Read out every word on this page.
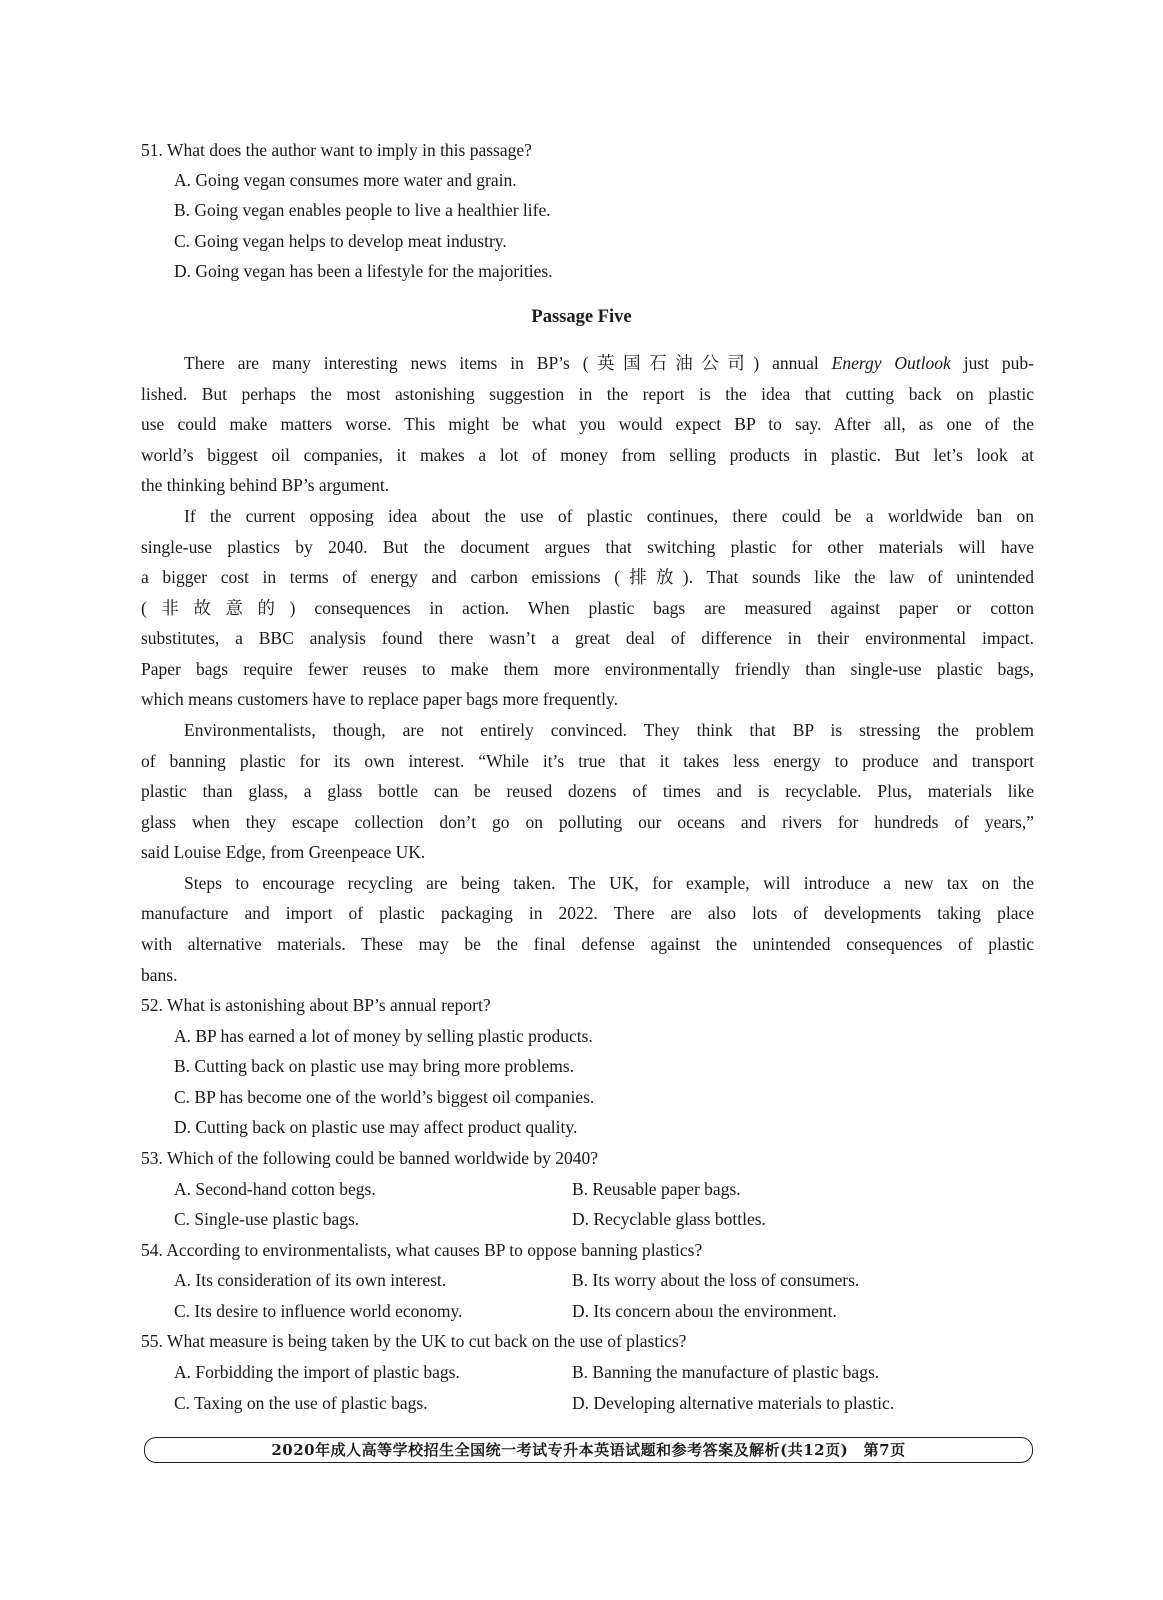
51. What does the author want to imply in this passage?
A. Going vegan consumes more water and grain.
B. Going vegan enables people to live a healthier life.
C. Going vegan helps to develop meat industry.
D. Going vegan has been a lifestyle for the majorities.
Passage Five
There are many interesting news items in BP’s (英国石油公司) annual Energy Outlook just pub-
lished. But perhaps the most astonishing suggestion in the report is the idea that cutting back on plastic
use could make matters worse. This might be what you would expect BP to say. After all, as one of the
world’s biggest oil companies, it makes a lot of money from selling products in plastic. But let’s look at
the thinking behind BP’s argument.
If the current opposing idea about the use of plastic continues, there could be a worldwide ban on
single-use plastics by 2040. But the document argues that switching plastic for other materials will have
a bigger cost in terms of energy and carbon emissions (排放). That sounds like the law of unintended
(非故意的) consequences in action. When plastic bags are measured against paper or cotton
substitutes, a BBC analysis found there wasn’t a great deal of difference in their environmental impact.
Paper bags require fewer reuses to make them more environmentally friendly than single-use plastic bags,
which means customers have to replace paper bags more frequently.
Environmentalists, though, are not entirely convinced. They think that BP is stressing the problem
of banning plastic for its own interest. “While it’s true that it takes less energy to produce and transport
plastic than glass, a glass bottle can be reused dozens of times and is recyclable. Plus, materials like
glass when they escape collection don’t go on polluting our oceans and rivers for hundreds of years,”
said Louise Edge, from Greenpeace UK.
Steps to encourage recycling are being taken. The UK, for example, will introduce a new tax on the
manufacture and import of plastic packaging in 2022. There are also lots of developments taking place
with alternative materials. These may be the final defense against the unintended consequences of plastic
bans.
52. What is astonishing about BP’s annual report?
A. BP has earned a lot of money by selling plastic products.
B. Cutting back on plastic use may bring more problems.
C. BP has become one of the world’s biggest oil companies.
D. Cutting back on plastic use may affect product quality.
53. Which of the following could be banned worldwide by 2040?
A. Second-hand cotton begs.	B. Reusable paper bags.
C. Single-use plastic bags.	D. Recyclable glass bottles.
54. According to environmentalists, what causes BP to oppose banning plastics?
A. Its consideration of its own interest.	B. Its worry about the loss of consumers.
C. Its desire to influence world economy.	D. Its concern abouı the environment.
55. What measure is being taken by the UK to cut back on the use of plastics?
A. Forbidding the import of plastic bags.	B. Banning the manufacture of plastic bags.
C. Taxing on the use of plastic bags.	D. Developing alternative materials to plastic.
2020年成人高等学校招生全国统一考试专升本英语试题和参考答案及解析(共12页)　第7页
